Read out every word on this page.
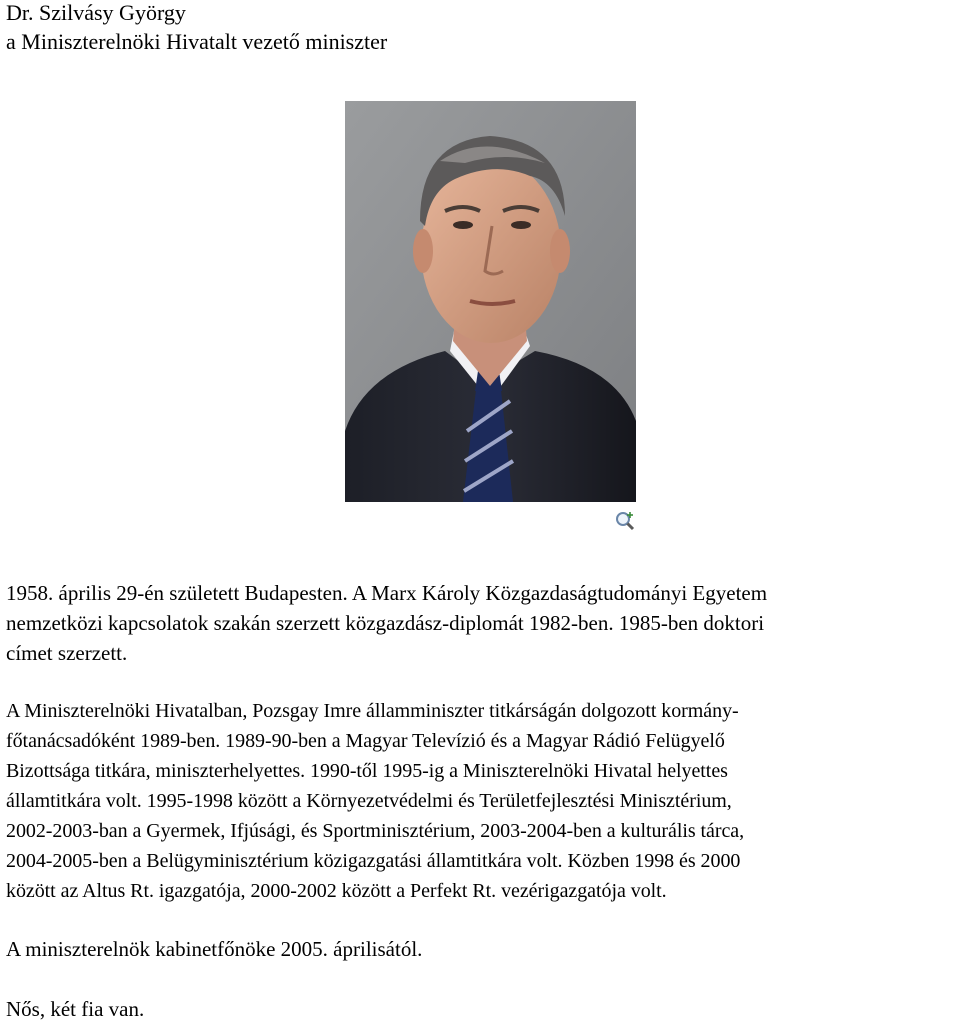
Dr. Szilvásy György
a Miniszterelnöki Hivatalt vezető miniszter
1958. április 29-én született Budapesten. A Marx Károly Közgazdaságtudományi Egyetem
nemzetközi kapcsolatok szakán szerzett közgazdász-diplomát 1982-ben. 1985-ben doktori
címet szerzett.
A Miniszterelnöki Hivatalban, Pozsgay Imre államminiszter titkárságán dolgozott kormány-
főtanácsadóként 1989-ben. 1989-90-ben a Magyar Televízió és a Magyar Rádió Felügyelő
Bizottsága titkára, miniszterhelyettes. 1990-től 1995-ig a Miniszterelnöki Hivatal helyettes
államtitkára volt. 1995-1998 között a Környezetvédelmi és Területfejlesztési Minisztérium,
2002-2003-ban a Gyermek, Ifjúsági, és Sportminisztérium, 2003-2004-ben a kulturális tárca,
2004-2005-ben a Belügyminisztérium közigazgatási államtitkára volt. Közben 1998 és 2000
között az Altus Rt. igazgatója, 2000-2002 között a Perfekt Rt. vezérigazgatója volt.
A miniszterelnök kabinetfőnöke 2005. áprilisától.
Nős, két fia van.
